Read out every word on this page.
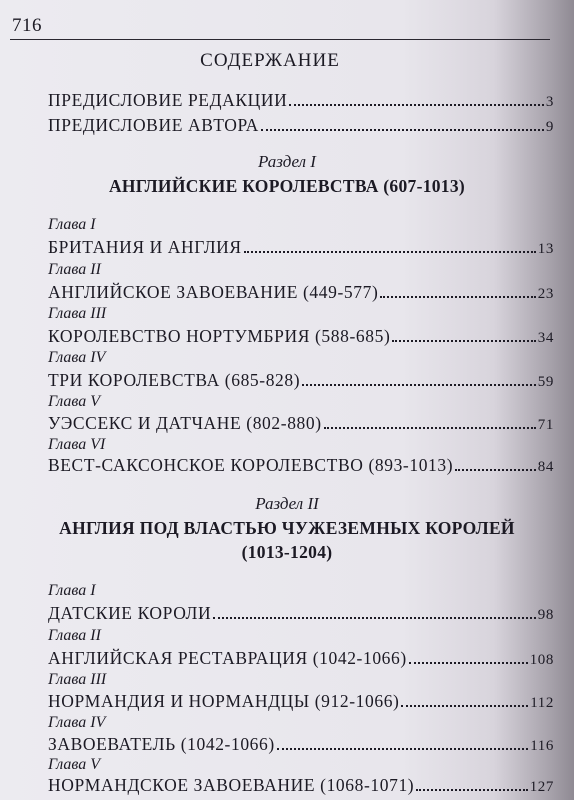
716
СОДЕРЖАНИЕ
ПРЕДИСЛОВИЕ РЕДАКЦИИ	3
ПРЕДИСЛОВИЕ АВТОРА	9
Раздел I
АНГЛИЙСКИЕ КОРОЛЕВСТВА (607-1013)
Глава I
БРИТАНИЯ И АНГЛИЯ	13
Глава II
АНГЛИЙСКОЕ ЗАВОЕВАНИЕ (449-577)	23
Глава III
КОРОЛЕВСТВО НОРТУМБРИЯ (588-685)	34
Глава IV
ТРИ КОРОЛЕВСТВА (685-828)	59
Глава V
УЭССЕКС И ДАТЧАНЕ (802-880)	71
Глава VI
ВЕСТ-САКСОНСКОЕ КОРОЛЕВСТВО (893-1013)	84
Раздел II
АНГЛИЯ ПОД ВЛАСТЬЮ ЧУЖЕЗЕМНЫХ КОРОЛЕЙ
(1013-1204)
Глава I
ДАТСКИЕ КОРОЛИ	98
Глава II
АНГЛИЙСКАЯ РЕСТАВРАЦИЯ (1042-1066)	108
Глава III
НОРМАНДИЯ И НОРМАНДЦЫ (912-1066)	112
Глава IV
ЗАВОЕВАТЕЛЬ (1042-1066)	116
Глава V
НОРМАНДСКОЕ ЗАВОЕВАНИЕ (1068-1071)	127
